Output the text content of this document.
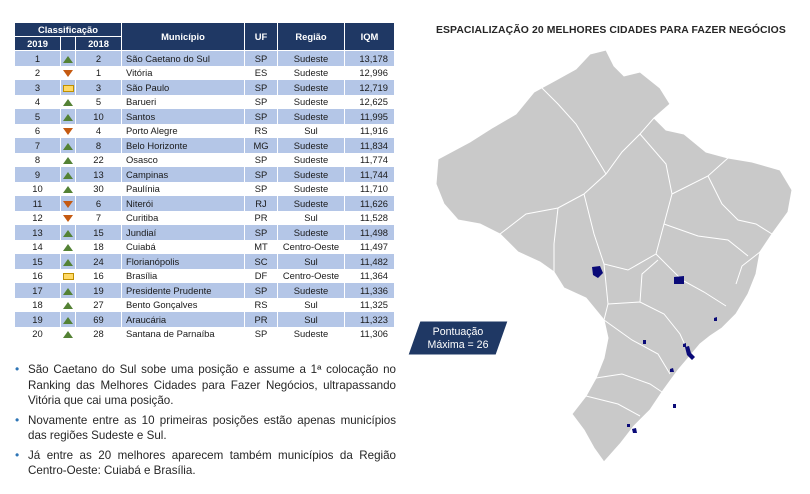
Classificação			Município	UF	Região	IQM
2019		2018				
1		2	São Caetano do Sul	SP	Sudeste	13,178
2		1	Vitória	ES	Sudeste	12,996
3		3	São Paulo	SP	Sudeste	12,719
4		5	Barueri	SP	Sudeste	12,625
5		10	Santos	SP	Sudeste	11,995
6		4	Porto Alegre	RS	Sul	11,916
7		8	Belo Horizonte	MG	Sudeste	11,834
8		22	Osasco	SP	Sudeste	11,774
9		13	Campinas	SP	Sudeste	11,744
10		30	Paulínia	SP	Sudeste	11,710
11		6	Niterói	RJ	Sudeste	11,626
12		7	Curitiba	PR	Sul	11,528
13		15	Jundiaí	SP	Sudeste	11,498
14		18	Cuiabá	MT	Centro-Oeste	11,497
15		24	Florianópolis	SC	Sul	11,482
16		16	Brasília	DF	Centro-Oeste	11,364
17		19	Presidente Prudente	SP	Sudeste	11,336
18		27	Bento Gonçalves	RS	Sul	11,325
19		69	Araucária	PR	Sul	11,323
20		28	Santana de Parnaíba	SP	Sudeste	11,306
• São Caetano do Sul sobe uma posição e assume a 1ª colocação no Ranking das Melhores Cidades para Fazer Negócios, ultrapassando Vitória que cai uma posição.
• Novamente entre as 10 primeiras posições estão apenas municípios das regiões Sudeste e Sul.
• Já entre as 20 melhores aparecem também municípios da Região Centro-Oeste: Cuiabá e Brasília.
ESPACIALIZAÇÃO 20 MELHORES CIDADES PARA FAZER NEGÓCIOS
Pontuação
Máxima = 26
